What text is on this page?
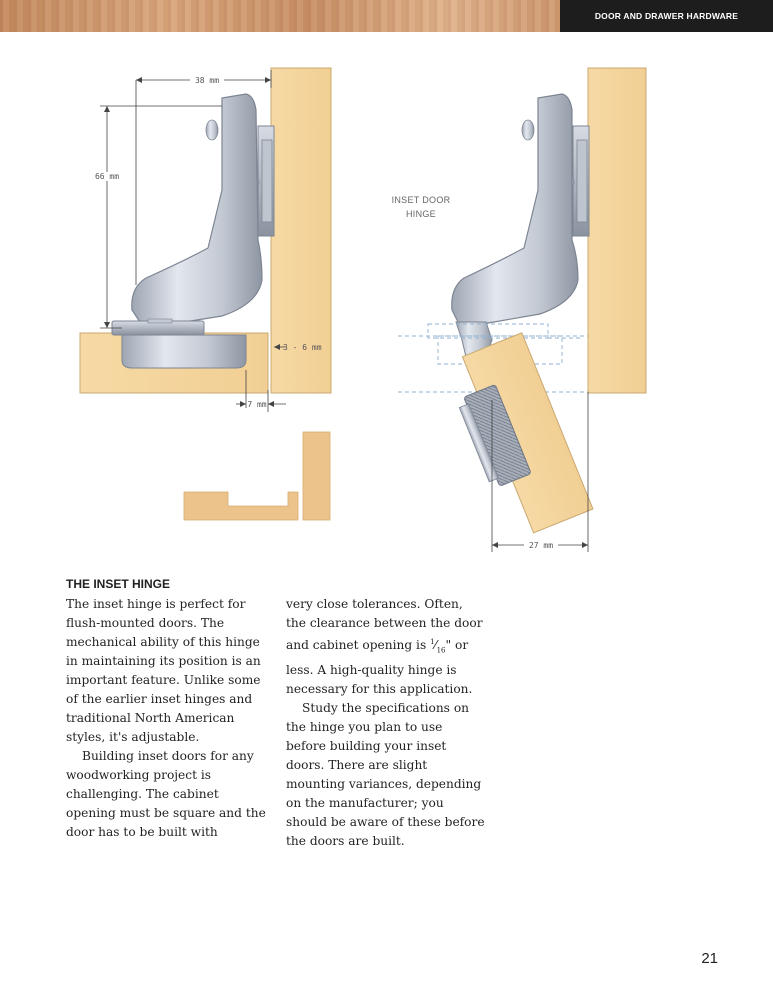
DOOR AND DRAWER HARDWARE
38 mm
66 mm
3 - 6 mm
7 mm
27 mm
INSET DOOR
HINGE
THE INSET HINGE

The inset hinge is perfect for flush-mounted doors. The mechanical ability of this hinge in maintaining its position is an important feature. Unlike some of the earlier inset hinges and traditional North American styles, it's adjustable.

Building inset doors for any woodworking project is challenging. The cabinet opening must be square and the door has to be built with

very close tolerances. Often, the clearance between the door and cabinet opening is $^1⁄_{16}$" or less. A high-quality hinge is necessary for this application.

Study the specifications on the hinge you plan to use before building your inset doors. There are slight mounting variances, depending on the manufacturer; you should be aware of these before the doors are built.

21
